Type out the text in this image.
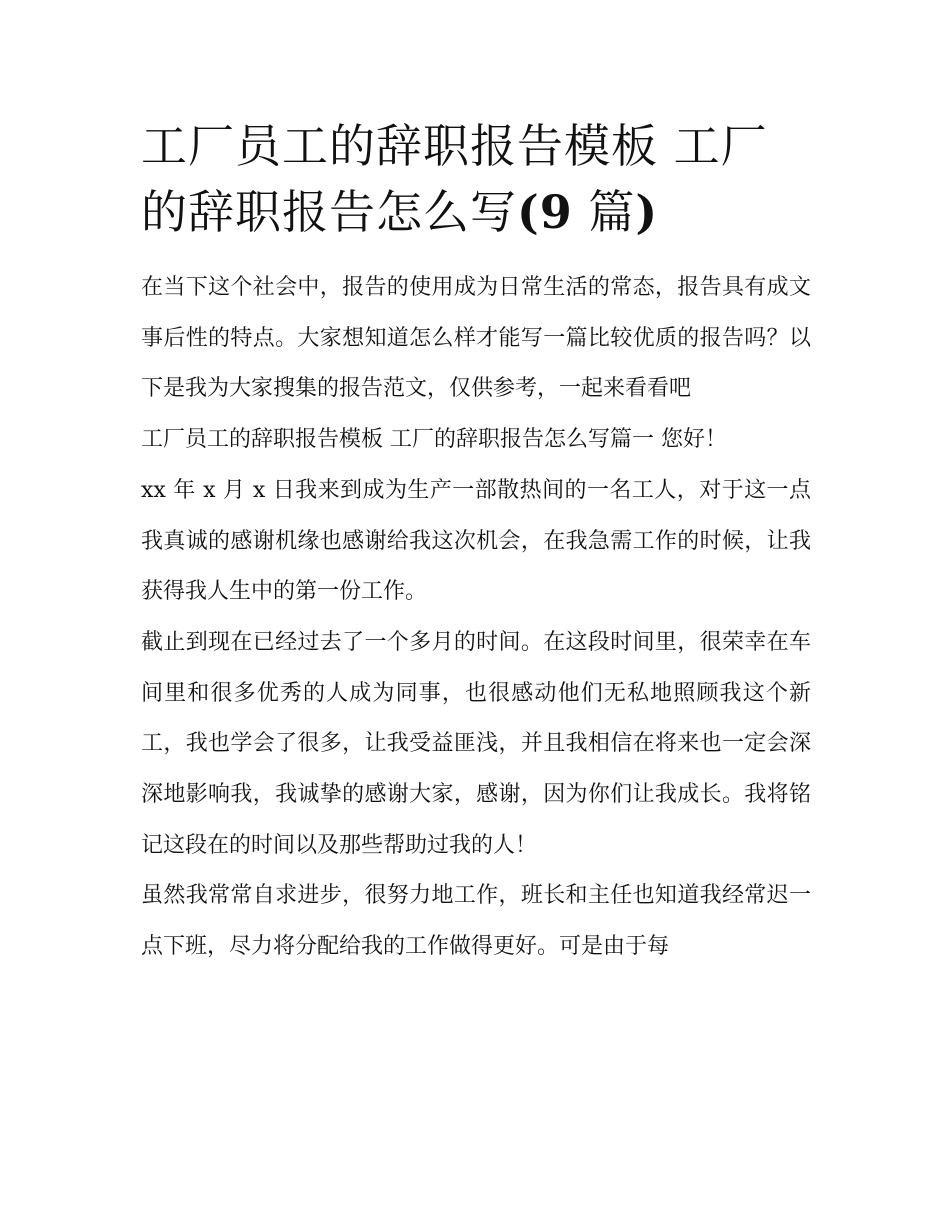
工厂员工的辞职报告模板 工厂
的辞职报告怎么写(9 篇)

在当下这个社会中，报告的使用成为日常生活的常态，报告具有成文事后性的特点。大家想知道怎么样才能写一篇比较优质的报告吗？以下是我为大家搜集的报告范文，仅供参考，一起来看看吧

工厂员工的辞职报告模板 工厂的辞职报告怎么写篇一 您好！

xx 年 x 月 x 日我来到成为生产一部散热间的一名工人，对于这一点我真诚的感谢机缘也感谢给我这次机会，在我急需工作的时候，让我获得我人生中的第一份工作。

截止到现在已经过去了一个多月的时间。在这段时间里，很荣幸在车间里和很多优秀的人成为同事，也很感动他们无私地照顾我这个新工，我也学会了很多，让我受益匪浅，并且我相信在将来也一定会深深地影响我，我诚挚的感谢大家，感谢，因为你们让我成长。我将铭记这段在的时间以及那些帮助过我的人！

虽然我常常自求进步，很努力地工作，班长和主任也知道我经常迟一点下班，尽力将分配给我的工作做得更好。可是由于每
